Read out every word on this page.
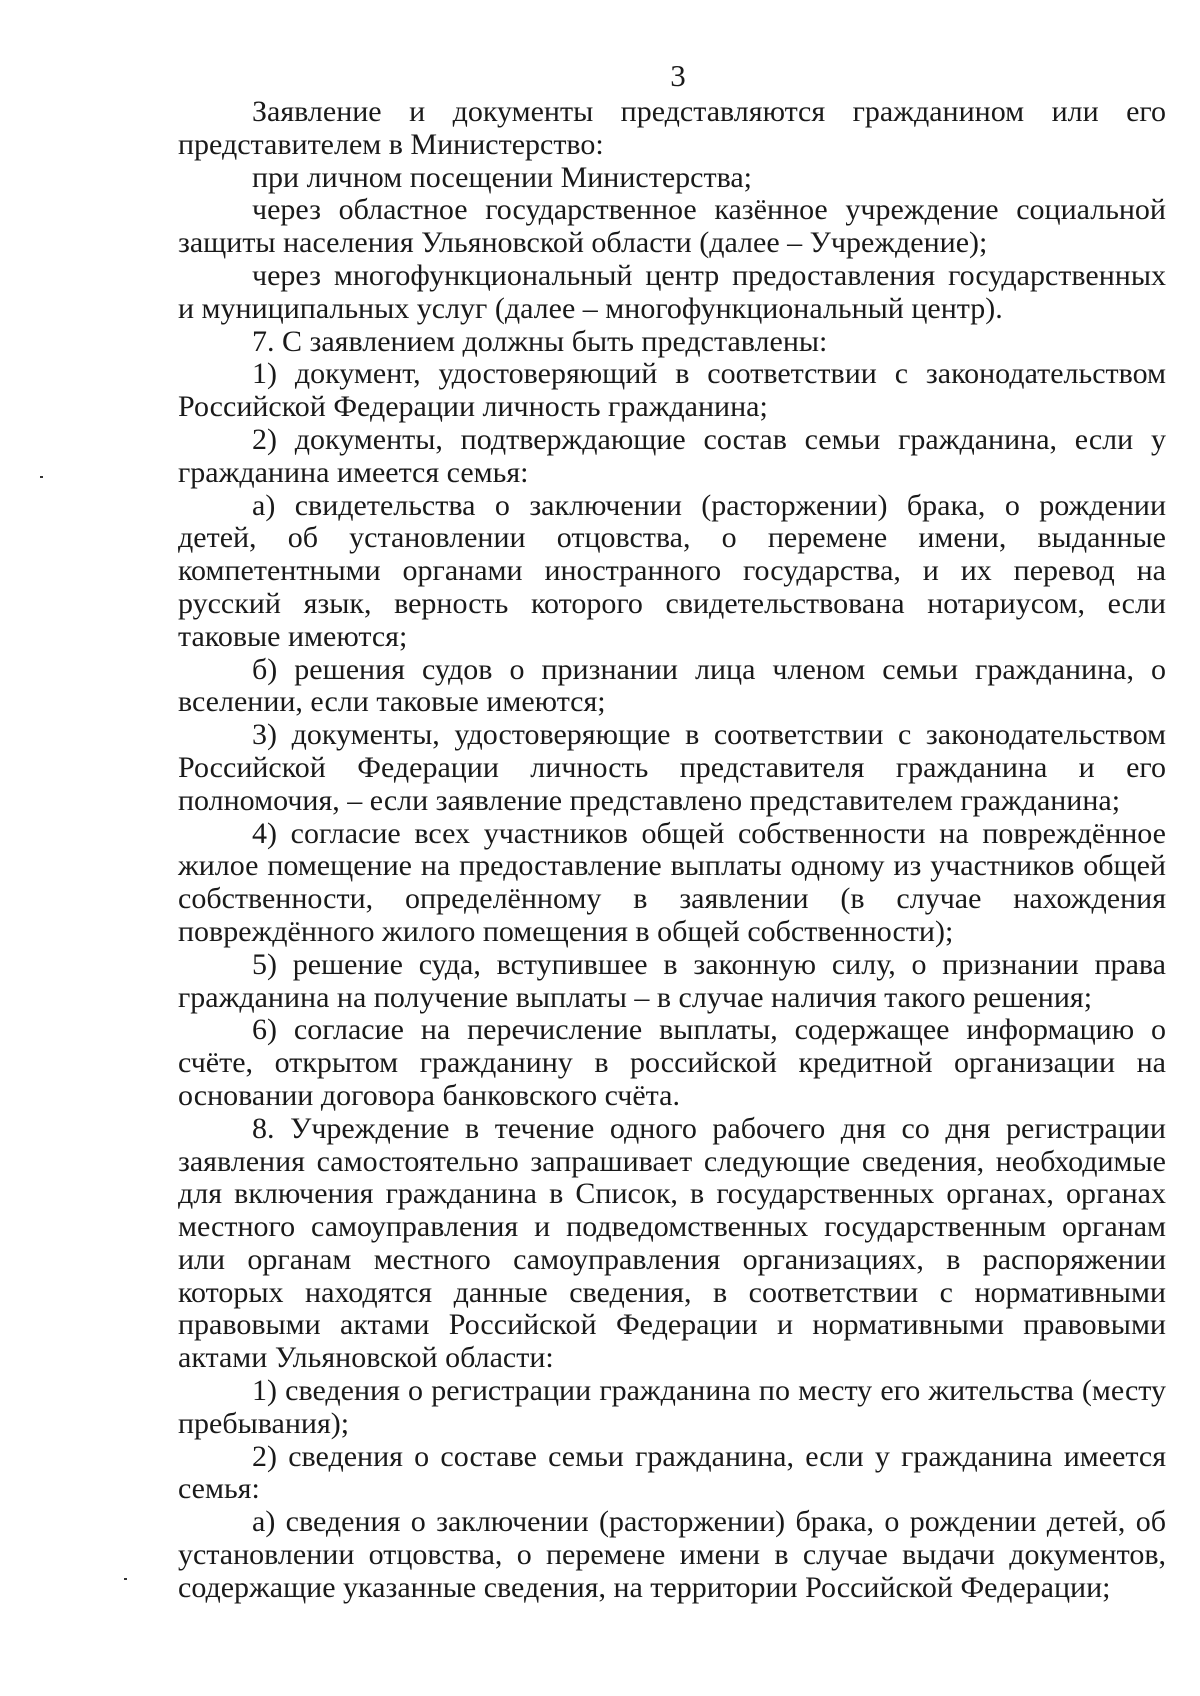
3

Заявление и документы представляются гражданином или его представителем в Министерство:

при личном посещении Министерства;

через областное государственное казённое учреждение социальной защиты населения Ульяновской области (далее – Учреждение);

через многофункциональный центр предоставления государственных и муниципальных услуг (далее – многофункциональный центр).

7. С заявлением должны быть представлены:

1) документ, удостоверяющий в соответствии с законодательством Российской Федерации личность гражданина;

2) документы, подтверждающие состав семьи гражданина, если у гражданина имеется семья:

а) свидетельства о заключении (расторжении) брака, о рождении детей, об установлении отцовства, о перемене имени, выданные компетентными органами иностранного государства, и их перевод на русский язык, верность которого свидетельствована нотариусом, если таковые имеются;

б) решения судов о признании лица членом семьи гражданина, о вселении, если таковые имеются;

3) документы, удостоверяющие в соответствии с законодательством Российской Федерации личность представителя гражданина и его полномочия, – если заявление представлено представителем гражданина;

4) согласие всех участников общей собственности на повреждённое жилое помещение на предоставление выплаты одному из участников общей собственности, определённому в заявлении (в случае нахождения повреждённого жилого помещения в общей собственности);

5) решение суда, вступившее в законную силу, о признании права гражданина на получение выплаты – в случае наличия такого решения;

6) согласие на перечисление выплаты, содержащее информацию о счёте, открытом гражданину в российской кредитной организации на основании договора банковского счёта.

8. Учреждение в течение одного рабочего дня со дня регистрации заявления самостоятельно запрашивает следующие сведения, необходимые для включения гражданина в Список, в государственных органах, органах местного самоуправления и подведомственных государственным органам или органам местного самоуправления организациях, в распоряжении которых находятся данные сведения, в соответствии с нормативными правовыми актами Российской Федерации и нормативными правовыми актами Ульяновской области:

1) сведения о регистрации гражданина по месту его жительства (месту пребывания);

2) сведения о составе семьи гражданина, если у гражданина имеется семья:

а) сведения о заключении (расторжении) брака, о рождении детей, об установлении отцовства, о перемене имени в случае выдачи документов, содержащие указанные сведения, на территории Российской Федерации;
